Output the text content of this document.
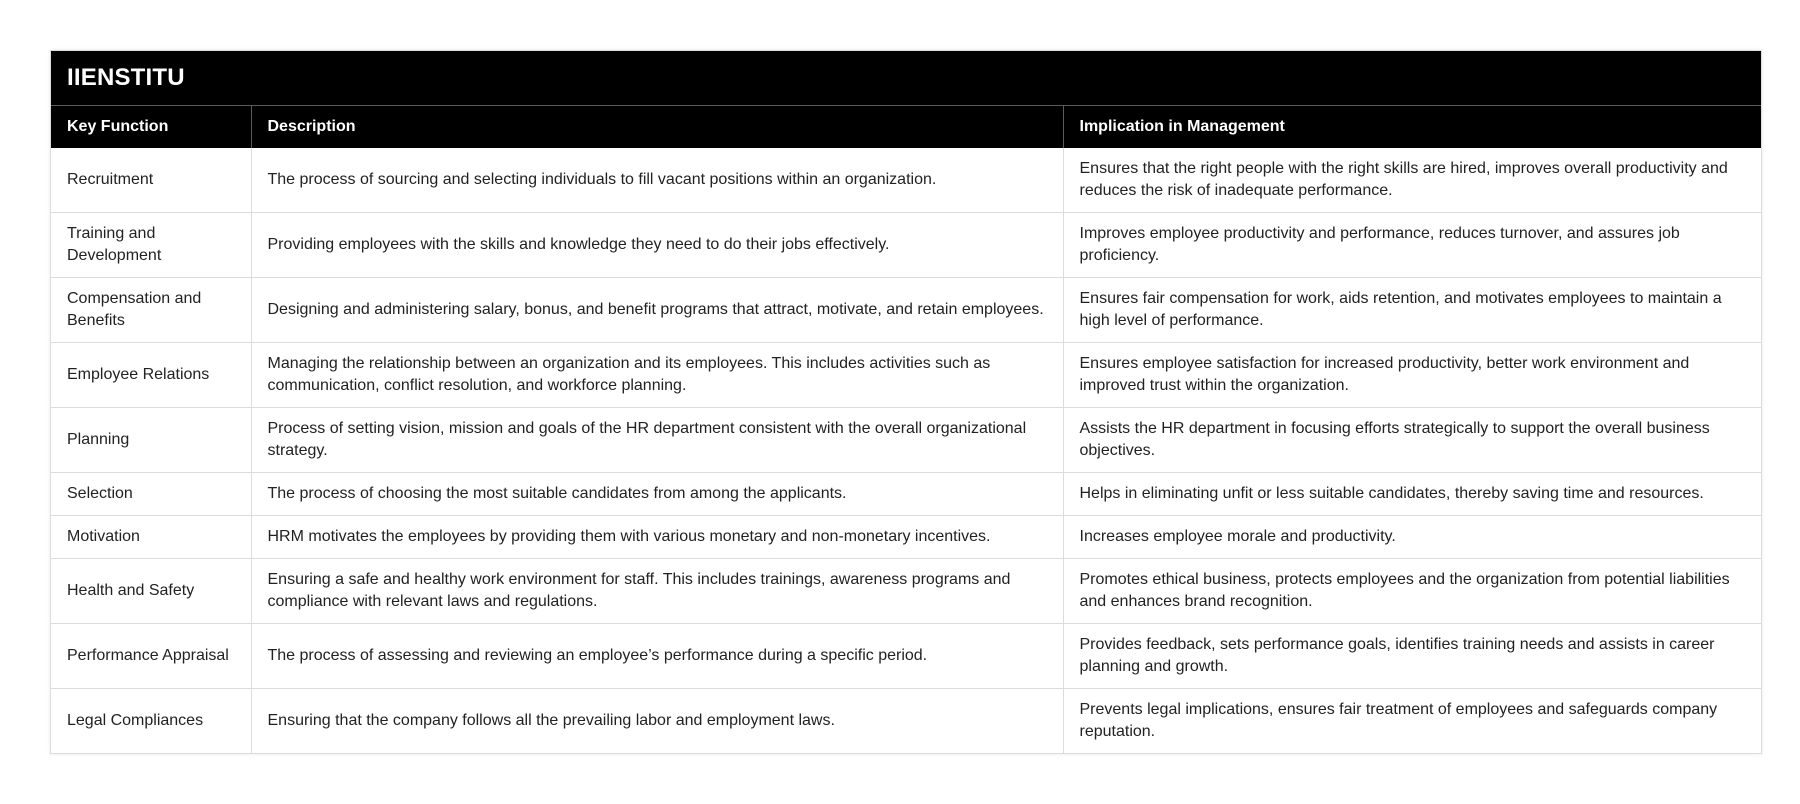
IIENSTITU
Key Function	Description	Implication in Management
Recruitment	The process of sourcing and selecting individuals to fill vacant positions within an organization.	Ensures that the right people with the right skills are hired, improves overall productivity and reduces the risk of inadequate performance.
Training and Development	Providing employees with the skills and knowledge they need to do their jobs effectively.	Improves employee productivity and performance, reduces turnover, and assures job proficiency.
Compensation and Benefits	Designing and administering salary, bonus, and benefit programs that attract, motivate, and retain employees.	Ensures fair compensation for work, aids retention, and motivates employees to maintain a high level of performance.
Employee Relations	Managing the relationship between an organization and its employees. This includes activities such as communication, conflict resolution, and workforce planning.	Ensures employee satisfaction for increased productivity, better work environment and improved trust within the organization.
Planning	Process of setting vision, mission and goals of the HR department consistent with the overall organizational strategy.	Assists the HR department in focusing efforts strategically to support the overall business objectives.
Selection	The process of choosing the most suitable candidates from among the applicants.	Helps in eliminating unfit or less suitable candidates, thereby saving time and resources.
Motivation	HRM motivates the employees by providing them with various monetary and non-monetary incentives.	Increases employee morale and productivity.
Health and Safety	Ensuring a safe and healthy work environment for staff. This includes trainings, awareness programs and compliance with relevant laws and regulations.	Promotes ethical business, protects employees and the organization from potential liabilities and enhances brand recognition.
Performance Appraisal	The process of assessing and reviewing an employee’s performance during a specific period.	Provides feedback, sets performance goals, identifies training needs and assists in career planning and growth.
Legal Compliances	Ensuring that the company follows all the prevailing labor and employment laws.	Prevents legal implications, ensures fair treatment of employees and safeguards company reputation.
